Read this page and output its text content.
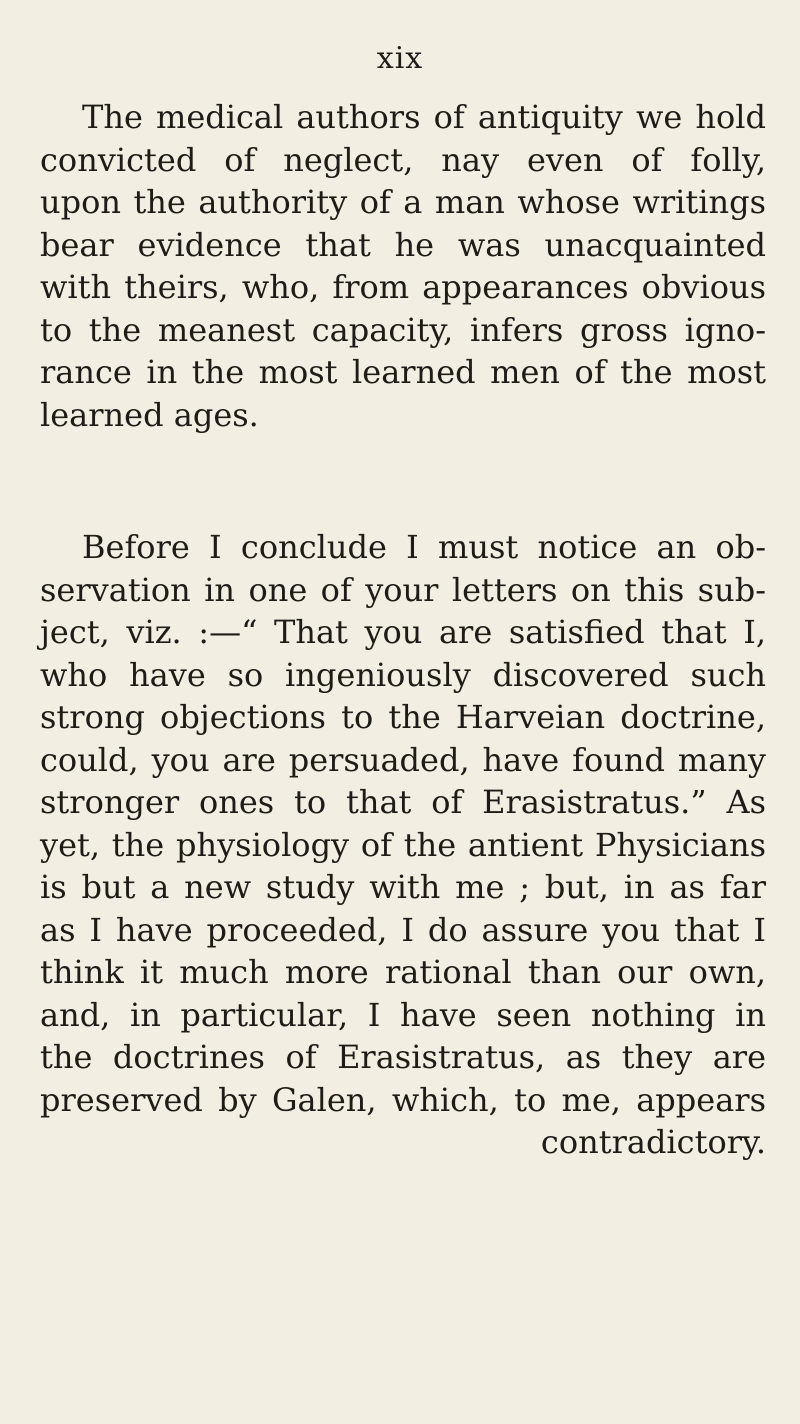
xix
The medical authors of antiquity we hold
convicted of neglect, nay even of folly,
upon the authority of a man whose writings
bear evidence that he was unacquainted
with theirs, who, from appearances obvious
to the meanest capacity, infers gross igno-
rance in the most learned men of the most
learned ages.
Before I conclude I must notice an ob-
servation in one of your letters on this sub-
ject, viz. :—“ That you are satisfied that I,
who have so ingeniously discovered such
strong objections to the Harveian doctrine,
could, you are persuaded, have found many
stronger ones to that of Erasistratus.” As
yet, the physiology of the antient Physicians
is but a new study with me ; but, in as far
as I have proceeded, I do assure you that I
think it much more rational than our own,
and, in particular, I have seen nothing in
the doctrines of Erasistratus, as they are
preserved by Galen, which, to me, appears
contradictory.
